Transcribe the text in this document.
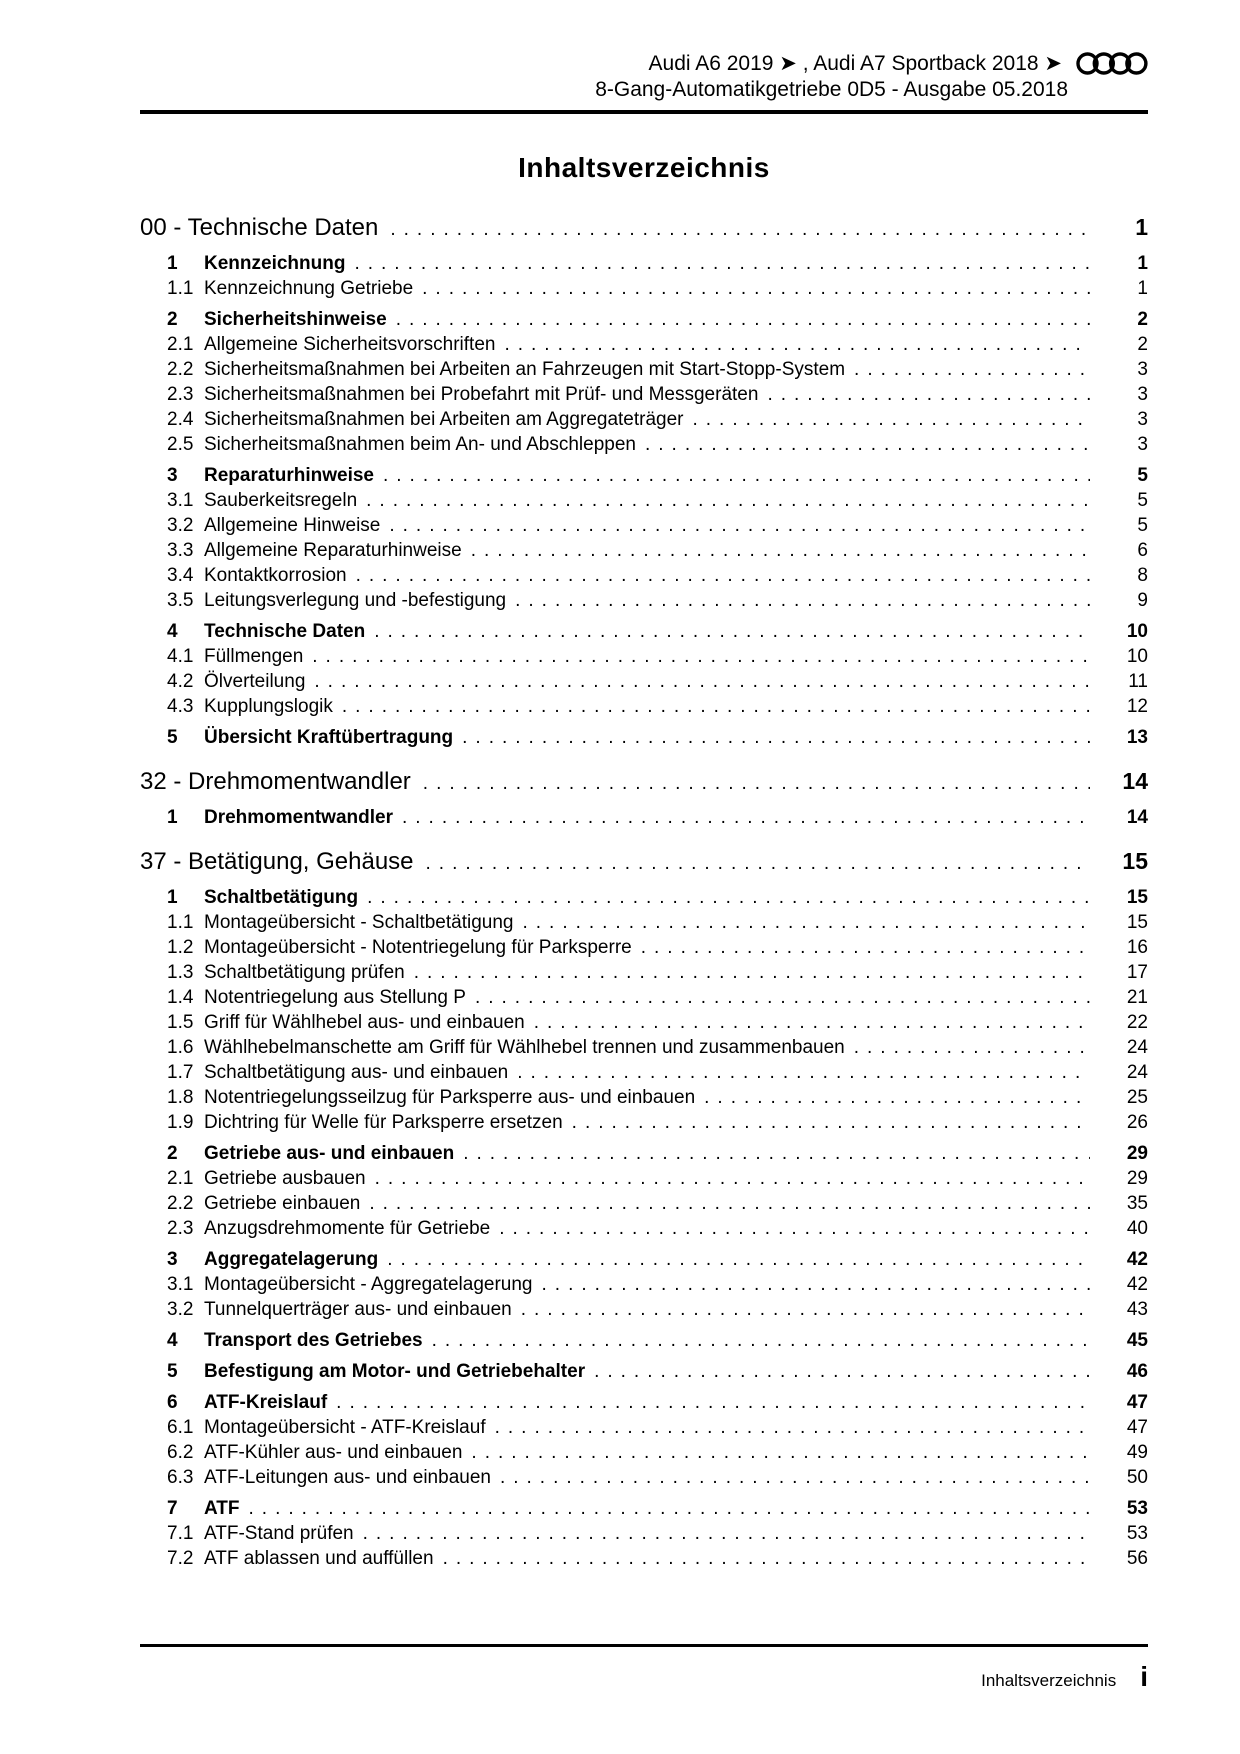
Audi A6 2019 ➤ , Audi A7 Sportback 2018 ➤
8-Gang-Automatikgetriebe 0D5 - Ausgabe 05.2018
Inhaltsverzeichnis
00 - Technische Daten .....	1
1	Kennzeichnung .....	1
1.1 Kennzeichnung Getriebe .....	1
2	Sicherheitshinweise .....	2
2.1 Allgemeine Sicherheitsvorschriften .....	2
2.2 Sicherheitsmaßnahmen bei Arbeiten an Fahrzeugen mit Start-Stopp-System .....	3
2.3 Sicherheitsmaßnahmen bei Probefahrt mit Prüf- und Messgeräten .....	3
2.4 Sicherheitsmaßnahmen bei Arbeiten am Aggregateträger .....	3
2.5 Sicherheitsmaßnahmen beim An- und Abschleppen .....	3
3	Reparaturhinweise .....	5
3.1 Sauberkeitsregeln .....	5
3.2 Allgemeine Hinweise .....	5
3.3 Allgemeine Reparaturhinweise .....	6
3.4 Kontaktkorrosion .....	8
3.5 Leitungsverlegung und -befestigung .....	9
4	Technische Daten .....	10
4.1 Füllmengen .....	10
4.2 Ölverteilung .....	11
4.3 Kupplungslogik .....	12
5	Übersicht Kraftübertragung .....	13
32 - Drehmomentwandler .....	14
1	Drehmomentwandler .....	14
37 - Betätigung, Gehäuse .....	15
1	Schaltbetätigung .....	15
1.1 Montageübersicht - Schaltbetätigung .....	15
1.2 Montageübersicht - Notentriegelung für Parksperre .....	16
1.3 Schaltbetätigung prüfen .....	17
1.4 Notentriegelung aus Stellung P .....	21
1.5 Griff für Wählhebel aus- und einbauen .....	22
1.6 Wählhebelmanschette am Griff für Wählhebel trennen und zusammenbauen .....	24
1.7 Schaltbetätigung aus- und einbauen .....	24
1.8 Notentriegelungsseilzug für Parksperre aus- und einbauen .....	25
1.9 Dichtring für Welle für Parksperre ersetzen .....	26
2	Getriebe aus- und einbauen .....	29
2.1 Getriebe ausbauen .....	29
2.2 Getriebe einbauen .....	35
2.3 Anzugsdrehmomente für Getriebe .....	40
3	Aggregatelagerung .....	42
3.1 Montageübersicht - Aggregatelagerung .....	42
3.2 Tunnelquerträger aus- und einbauen .....	43
4	Transport des Getriebes .....	45
5	Befestigung am Motor- und Getriebehalter .....	46
6	ATF-Kreislauf .....	47
6.1 Montageübersicht - ATF-Kreislauf .....	47
6.2 ATF-Kühler aus- und einbauen .....	49
6.3 ATF-Leitungen aus- und einbauen .....	50
7	ATF .....	53
7.1 ATF-Stand prüfen .....	53
7.2 ATF ablassen und auffüllen .....	56
Inhaltsverzeichnis i
